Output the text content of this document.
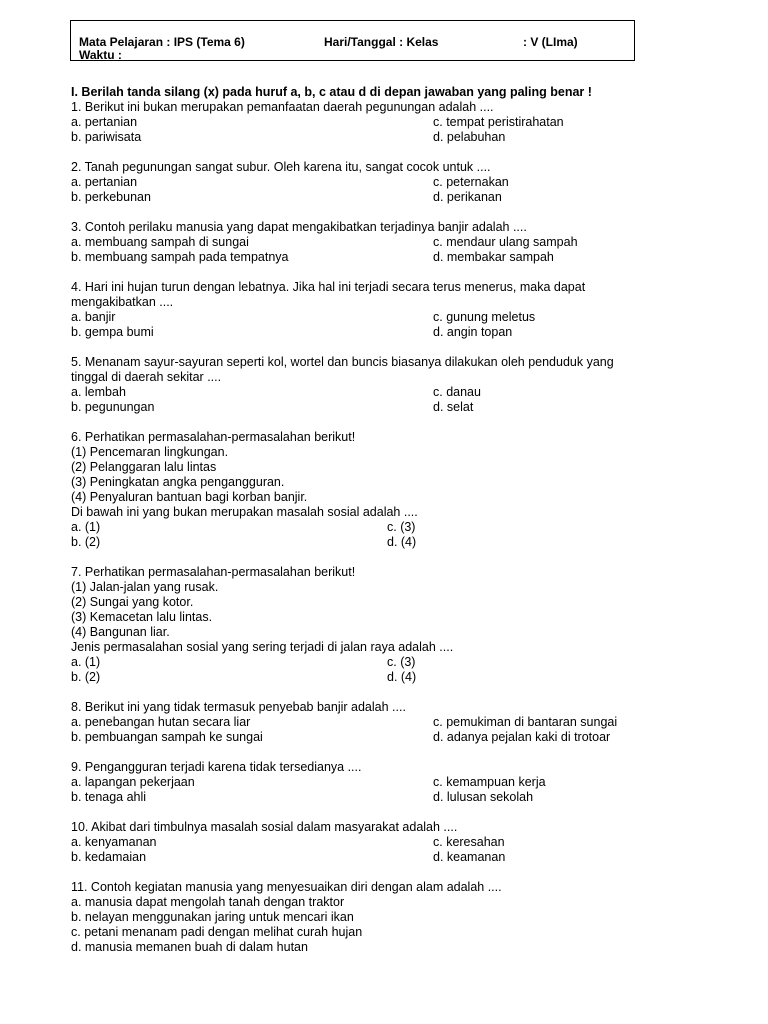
Mata Pelajaran : IPS (Tema 6)	Hari/Tanggal : Kelas	: V (LIma)
Waktu :

I. Berilah tanda silang (x) pada huruf a, b, c atau d di depan jawaban yang paling benar !

1. Berikut ini bukan merupakan pemanfaatan daerah pegunungan adalah ....

a. pertanian	c. tempat peristirahatan
b. pariwisata	d. pelabuhan

2. Tanah pegunungan sangat subur. Oleh karena itu, sangat cocok untuk ....

a. pertanian	c. peternakan
b. perkebunan	d. perikanan

3. Contoh perilaku manusia yang dapat mengakibatkan terjadinya banjir adalah ....

a. membuang sampah di sungai	c. mendaur ulang sampah
b. membuang sampah pada tempatnya	d. membakar sampah

4. Hari ini hujan turun dengan lebatnya. Jika hal ini terjadi secara terus menerus, maka dapat

mengakibatkan ....

a. banjir	c. gunung meletus
b. gempa bumi	d. angin topan

5. Menanam sayur-sayuran seperti kol, wortel dan buncis biasanya dilakukan oleh penduduk yang

tinggal di daerah sekitar ....

a. lembah	c. danau
b. pegunungan	d. selat

6. Perhatikan permasalahan-permasalahan berikut!

(1) Pencemaran lingkungan.

(2) Pelanggaran lalu lintas

(3) Peningkatan angka pengangguran.

(4) Penyaluran bantuan bagi korban banjir.

Di bawah ini yang bukan merupakan masalah sosial adalah ....

a. (1)	c. (3)
b. (2)	d. (4)

7. Perhatikan permasalahan-permasalahan berikut!

(1) Jalan-jalan yang rusak.

(2) Sungai yang kotor.

(3) Kemacetan lalu lintas.

(4) Bangunan liar.

Jenis permasalahan sosial yang sering terjadi di jalan raya adalah ....

a. (1)	c. (3)
b. (2)	d. (4)

8. Berikut ini yang tidak termasuk penyebab banjir adalah ....

a. penebangan hutan secara liar	c. pemukiman di bantaran sungai
b. pembuangan sampah ke sungai	d. adanya pejalan kaki di trotoar

9. Pengangguran terjadi karena tidak tersedianya ....

a. lapangan pekerjaan	c. kemampuan kerja
b. tenaga ahli	d. lulusan sekolah

10. Akibat dari timbulnya masalah sosial dalam masyarakat adalah ....

a. kenyamanan	c. keresahan
b. kedamaian	d. keamanan

11. Contoh kegiatan manusia yang menyesuaikan diri dengan alam adalah ....

a. manusia dapat mengolah tanah dengan traktor

b. nelayan menggunakan jaring untuk mencari ikan

c. petani menanam padi dengan melihat curah hujan

d. manusia memanen buah di dalam hutan
